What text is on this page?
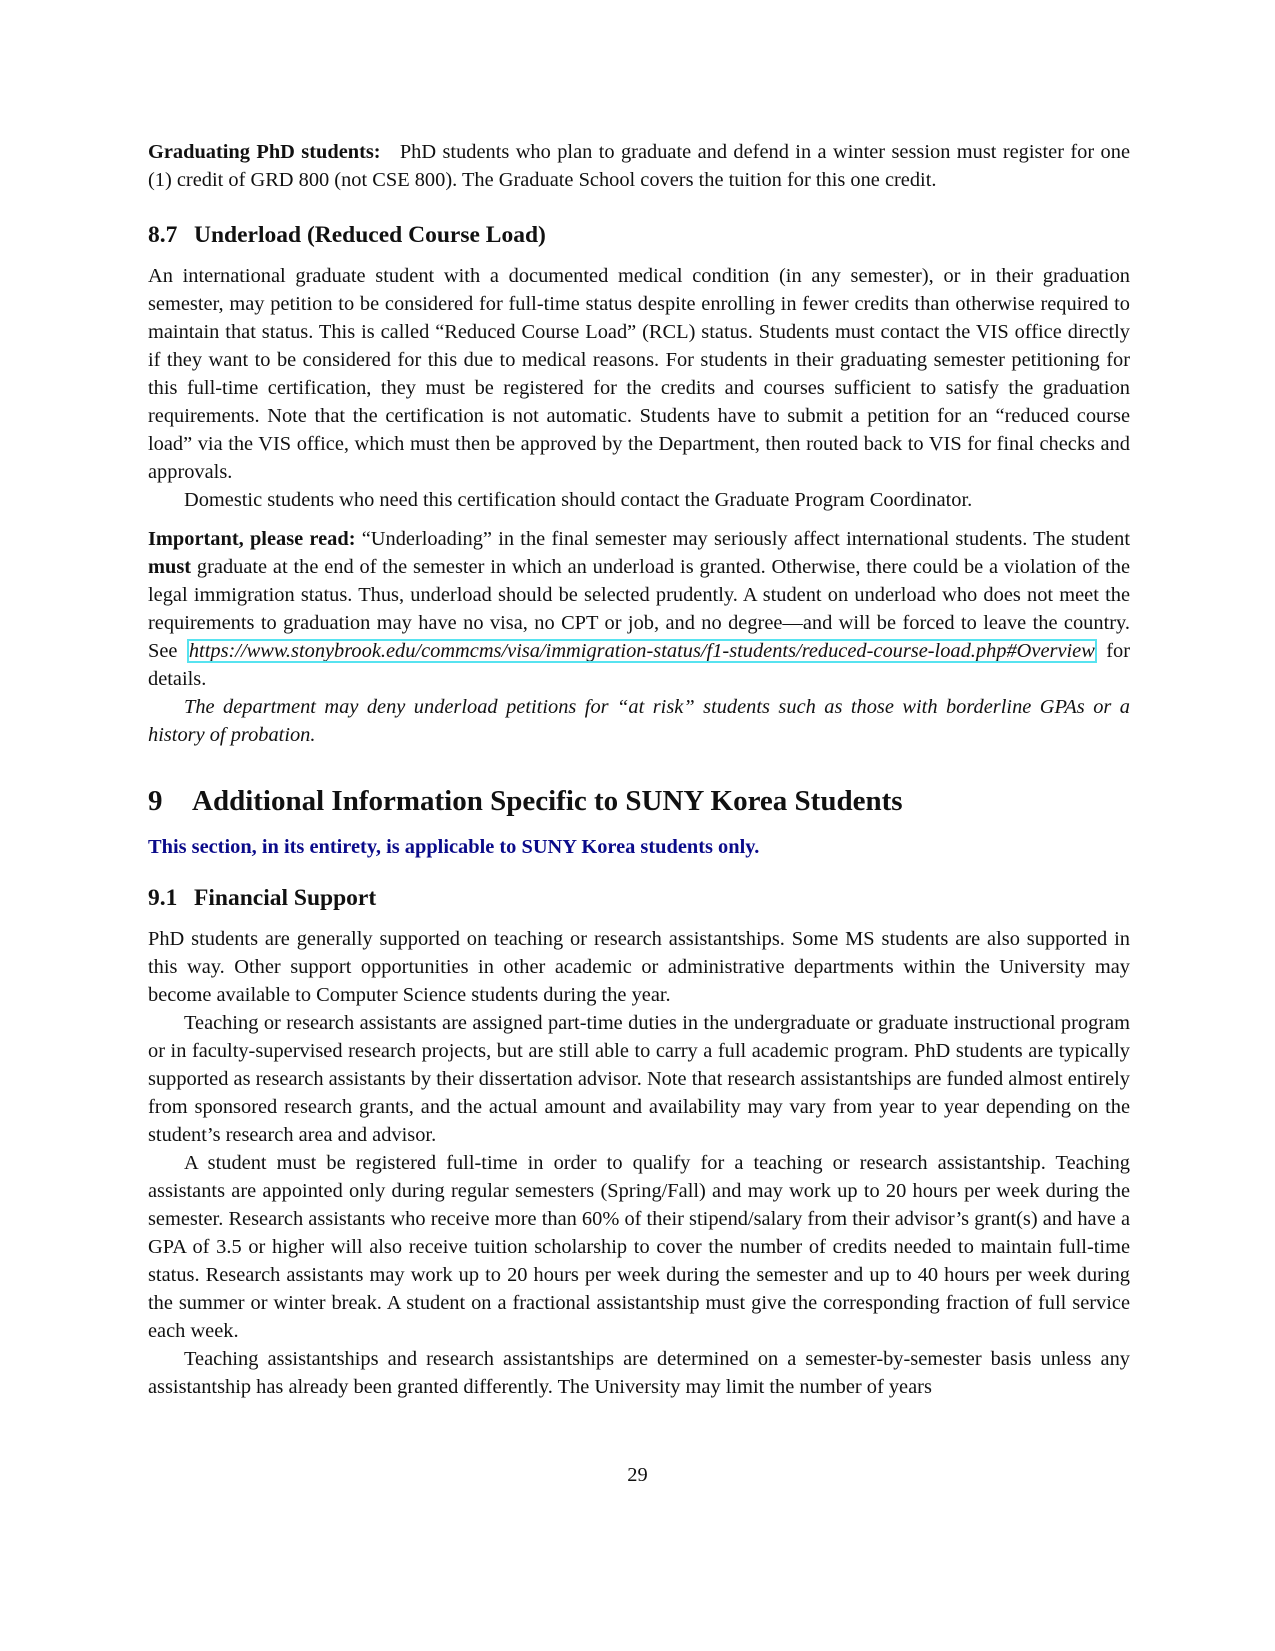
Graduating PhD students: PhD students who plan to graduate and defend in a winter session must register for one (1) credit of GRD 800 (not CSE 800). The Graduate School covers the tuition for this one credit.

8.7 Underload (Reduced Course Load)

An international graduate student with a documented medical condition (in any semester), or in their graduation semester, may petition to be considered for full-time status despite enrolling in fewer credits than otherwise required to maintain that status. This is called “Reduced Course Load” (RCL) status. Students must contact the VIS office directly if they want to be considered for this due to medical reasons. For students in their graduating semester petitioning for this full-time certification, they must be registered for the credits and courses sufficient to satisfy the graduation requirements. Note that the certification is not automatic. Students have to submit a petition for an “reduced course load” via the VIS office, which must then be approved by the Department, then routed back to VIS for final checks and approvals.

Domestic students who need this certification should contact the Graduate Program Coordinator.

Important, please read: “Underloading” in the final semester may seriously affect international students. The student must graduate at the end of the semester in which an underload is granted. Otherwise, there could be a violation of the legal immigration status. Thus, underload should be selected prudently. A student on underload who does not meet the requirements to graduation may have no visa, no CPT or job, and no degree—and will be forced to leave the country. See https://www.stonybrook.edu/commcms/visa/immigration-status/f1-students/reduced-course-load.php#Overview for details.

The department may deny underload petitions for “at risk” students such as those with borderline GPAs or a history of probation.

9 Additional Information Specific to SUNY Korea Students

This section, in its entirety, is applicable to SUNY Korea students only.

9.1 Financial Support

PhD students are generally supported on teaching or research assistantships. Some MS students are also supported in this way. Other support opportunities in other academic or administrative departments within the University may become available to Computer Science students during the year.

Teaching or research assistants are assigned part-time duties in the undergraduate or graduate instructional program or in faculty-supervised research projects, but are still able to carry a full academic program. PhD students are typically supported as research assistants by their dissertation advisor. Note that research assistantships are funded almost entirely from sponsored research grants, and the actual amount and availability may vary from year to year depending on the student’s research area and advisor.

A student must be registered full-time in order to qualify for a teaching or research assistantship. Teaching assistants are appointed only during regular semesters (Spring/Fall) and may work up to 20 hours per week during the semester. Research assistants who receive more than 60% of their stipend/salary from their advisor’s grant(s) and have a GPA of 3.5 or higher will also receive tuition scholarship to cover the number of credits needed to maintain full-time status. Research assistants may work up to 20 hours per week during the semester and up to 40 hours per week during the summer or winter break. A student on a fractional assistantship must give the corresponding fraction of full service each week.

Teaching assistantships and research assistantships are determined on a semester-by-semester basis unless any assistantship has already been granted differently. The University may limit the number of years

29
